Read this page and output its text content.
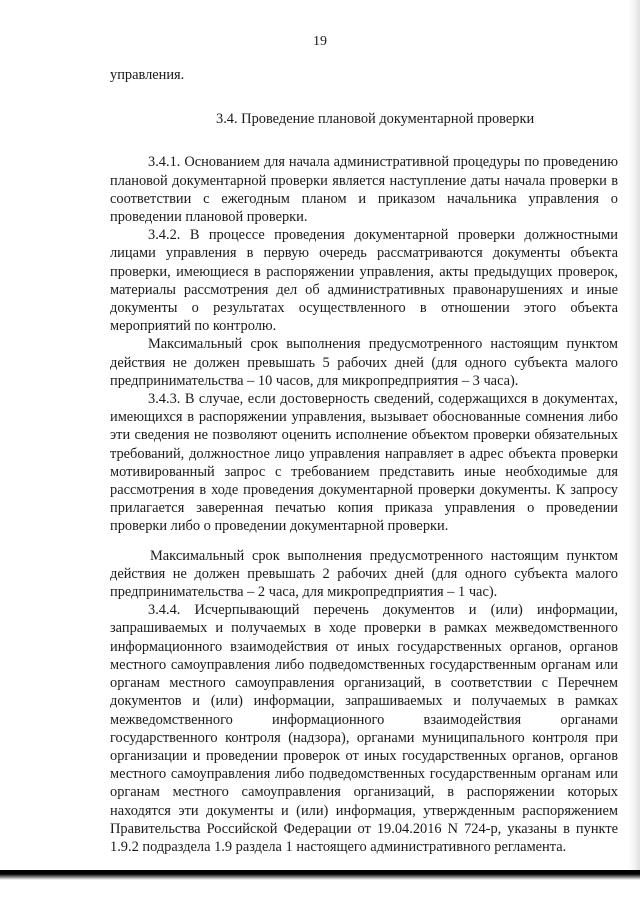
19

управления.

3.4. Проведение плановой документарной проверки

3.4.1. Основанием для начала административной процедуры по проведению плановой документарной проверки является наступление даты начала проверки в соответствии с ежегодным планом и приказом начальника управления о проведении плановой проверки.

3.4.2. В процессе проведения документарной проверки должностными лицами управления в первую очередь рассматриваются документы объекта проверки, имеющиеся в распоряжении управления, акты предыдущих проверок, материалы рассмотрения дел об административных правонарушениях и иные документы о результатах осуществленного в отношении этого объекта мероприятий по контролю.

Максимальный срок выполнения предусмотренного настоящим пунктом действия не должен превышать 5 рабочих дней (для одного субъекта малого предпринимательства – 10 часов, для микропредприятия – 3 часа).

3.4.3. В случае, если достоверность сведений, содержащихся в документах, имеющихся в распоряжении управления, вызывает обоснованные сомнения либо эти сведения не позволяют оценить исполнение объектом проверки обязательных требований, должностное лицо управления направляет в адрес объекта проверки мотивированный запрос с требованием представить иные необходимые для рассмотрения в ходе проведения документарной проверки документы. К запросу прилагается заверенная печатью копия приказа управления о проведении проверки либо о проведении документарной проверки.

Максимальный срок выполнения предусмотренного настоящим пунктом действия не должен превышать 2 рабочих дней (для одного субъекта малого предпринимательства – 2 часа, для микропредприятия – 1 час).

3.4.4. Исчерпывающий перечень документов и (или) информации, запрашиваемых и получаемых в ходе проверки в рамках межведомственного информационного взаимодействия от иных государственных органов, органов местного самоуправления либо подведомственных государственным органам или органам местного самоуправления организаций, в соответствии с Перечнем документов и (или) информации, запрашиваемых и получаемых в рамках межведомственного информационного взаимодействия органами государственного контроля (надзора), органами муниципального контроля при организации и проведении проверок от иных государственных органов, органов местного самоуправления либо подведомственных государственным органам или органам местного самоуправления организаций, в распоряжении которых находятся эти документы и (или) информация, утвержденным распоряжением Правительства Российской Федерации от 19.04.2016 N 724-р, указаны в пункте 1.9.2 подраздела 1.9 раздела 1 настоящего административного регламента.
